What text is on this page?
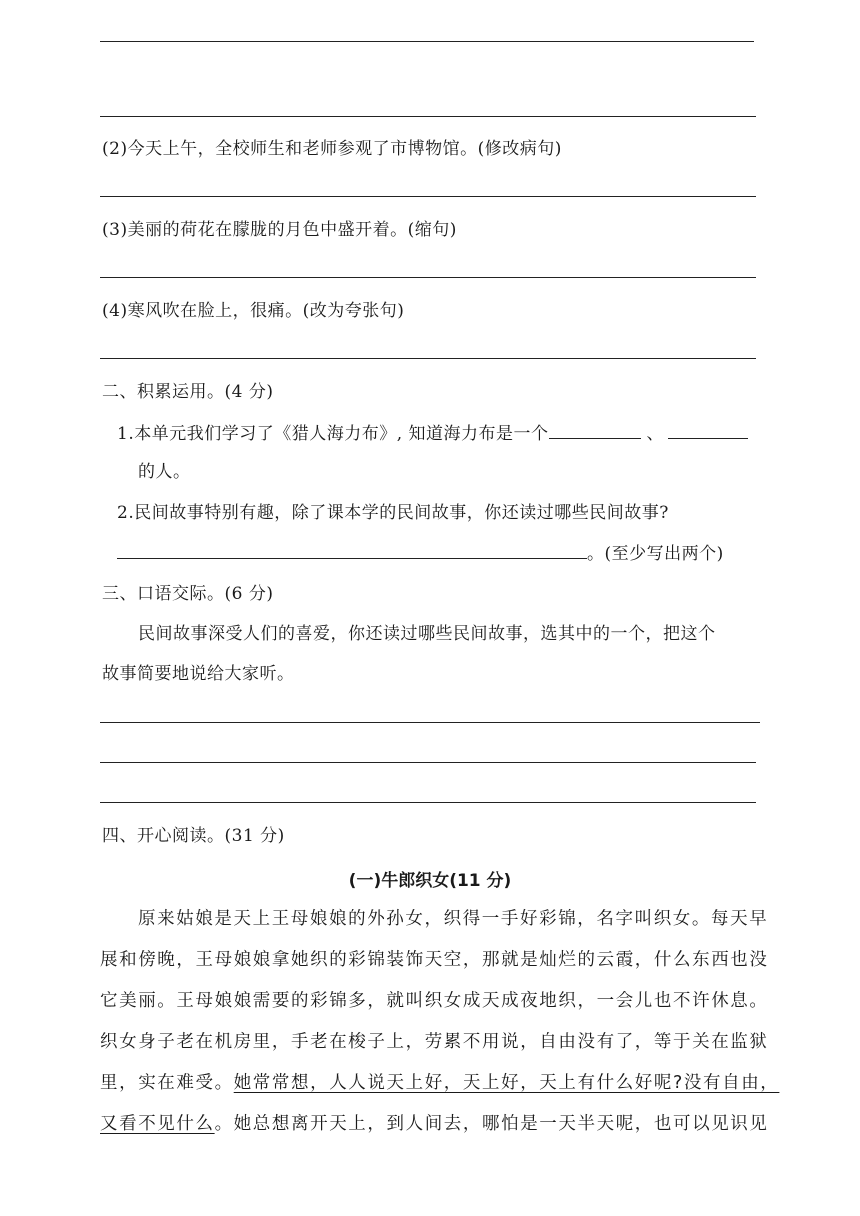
(2)今天上午，全校师生和老师参观了市博物馆。(修改病句)
(3)美丽的荷花在朦胧的月色中盛开着。(缩句)
(4)寒风吹在脸上，很痛。(改为夸张句)
二、积累运用。(4 分)
1.本单元我们学习了《猎人海力布》, 知道海力布是一个	、
的人。
2.民间故事特别有趣，除了课本学的民间故事，你还读过哪些民间故事?
。(至少写出两个)
三、口语交际。(6 分)
民间故事深受人们的喜爱，你还读过哪些民间故事，选其中的一个，把这个
故事简要地说给大家听。
四、开心阅读。(31 分)
(一)牛郎织女(11 分)
原来姑娘是天上王母娘娘的外孙女，织得一手好彩锦，名字叫织女。每天早
展和傍晚，王母娘娘拿她织的彩锦装饰天空，那就是灿烂的云霞，什么东西也没
它美丽。王母娘娘需要的彩锦多，就叫织女成天成夜地织，一会儿也不许休息。
织女身子老在机房里，手老在梭子上，劳累不用说，自由没有了，等于关在监狱
里，实在难受。她常常想，人人说天上好，天上好，天上有什么好呢?没有自由，
又看不见什么。她总想离开天上，到人间去，哪怕是一天半天呢，也可以见识见
